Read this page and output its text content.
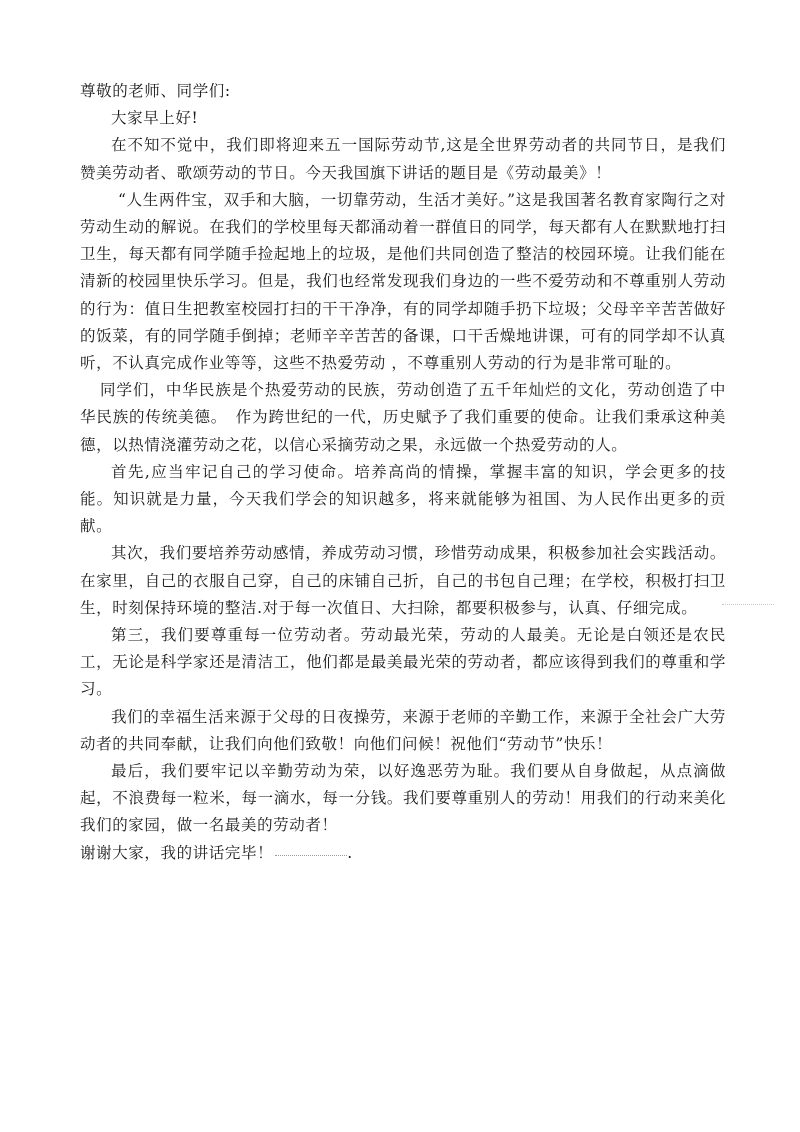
尊敬的老师、同学们:

大家早上好!

在不知不觉中，我们即将迎来五一国际劳动节,这是全世界劳动者的共同节日，是我们赞美劳动者、歌颂劳动的节日。今天我国旗下讲话的题目是《劳动最美》！

“人生两件宝，双手和大脑，一切靠劳动，生活才美好。”这是我国著名教育家陶行之对劳动生动的解说。在我们的学校里每天都涌动着一群值日的同学，每天都有人在默默地打扫卫生，每天都有同学随手捡起地上的垃圾，是他们共同创造了整洁的校园环境。让我们能在清新的校园里快乐学习。但是，我们也经常发现我们身边的一些不爱劳动和不尊重别人劳动的行为：值日生把教室校园打扫的干干净净，有的同学却随手扔下垃圾；父母辛辛苦苦做好的饭菜，有的同学随手倒掉；老师辛辛苦苦的备课，口干舌燥地讲课，可有的同学却不认真听，不认真完成作业等等，这些不热爱劳动 ，不尊重别人劳动的行为是非常可耻的。

同学们，中华民族是个热爱劳动的民族，劳动创造了五千年灿烂的文化，劳动创造了中华民族的传统美德。　作为跨世纪的一代，历史赋予了我们重要的使命。让我们秉承这种美德，以热情浇灌劳动之花，以信心采摘劳动之果，永远做一个热爱劳动的人。

首先,应当牢记自己的学习使命。培养高尚的情操，掌握丰富的知识，学会更多的技能。知识就是力量，今天我们学会的知识越多，将来就能够为祖国、为人民作出更多的贡献。

其次，我们要培养劳动感情，养成劳动习惯，珍惜劳动成果，积极参加社会实践活动。在家里，自己的衣服自己穿，自己的床铺自己折，自己的书包自己理；在学校，积极打扫卫生，时刻保持环境的整洁.对于每一次值日、大扫除，都要积极参与，认真、仔细完成。

第三，我们要尊重每一位劳动者。劳动最光荣，劳动的人最美。无论是白领还是农民工，无论是科学家还是清洁工，他们都是最美最光荣的劳动者，都应该得到我们的尊重和学习。

我们的幸福生活来源于父母的日夜操劳，来源于老师的辛勤工作，来源于全社会广大劳动者的共同奉献，让我们向他们致敬！向他们问候！祝他们“劳动节”快乐！

最后，我们要牢记以辛勤劳动为荣，以好逸恶劳为耻。我们要从自身做起，从点滴做起，不浪费每一粒米，每一滴水，每一分钱。我们要尊重别人的劳动！用我们的行动来美化我们的家园，做一名最美的劳动者！

谢谢大家，我的讲话完毕！	.
